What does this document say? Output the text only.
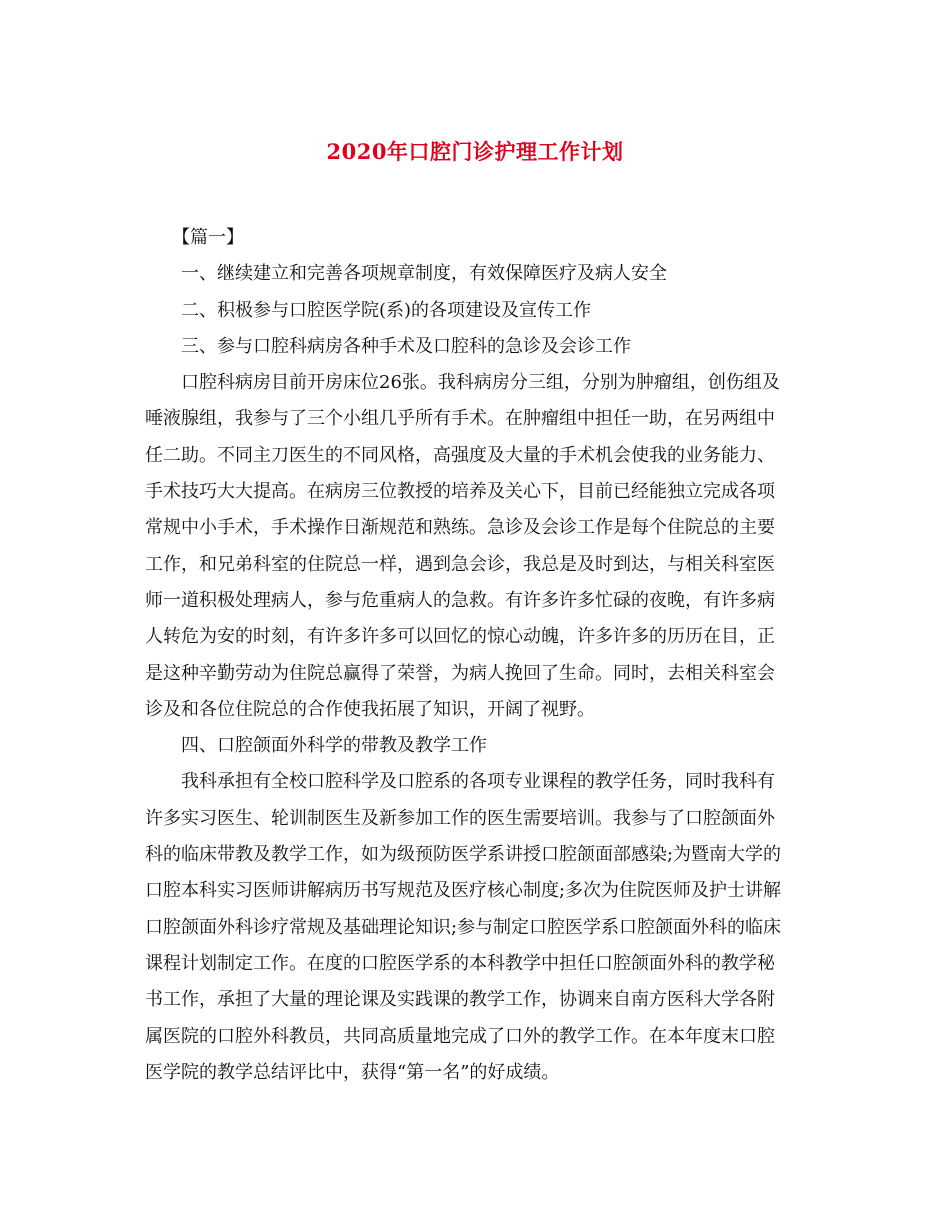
2020年口腔门诊护理工作计划

【篇一】

一、继续建立和完善各项规章制度，有效保障医疗及病人安全

二、积极参与口腔医学院(系)的各项建设及宣传工作

三、参与口腔科病房各种手术及口腔科的急诊及会诊工作

口腔科病房目前开房床位26张。我科病房分三组，分别为肿瘤组，创伤组及
唾液腺组，我参与了三个小组几乎所有手术。在肿瘤组中担任一助，在另两组中
任二助。不同主刀医生的不同风格，高强度及大量的手术机会使我的业务能力、
手术技巧大大提高。在病房三位教授的培养及关心下，目前已经能独立完成各项
常规中小手术，手术操作日渐规范和熟练。急诊及会诊工作是每个住院总的主要
工作，和兄弟科室的住院总一样，遇到急会诊，我总是及时到达，与相关科室医
师一道积极处理病人，参与危重病人的急救。有许多许多忙碌的夜晚，有许多病
人转危为安的时刻，有许多许多可以回忆的惊心动魄，许多许多的历历在目，正
是这种辛勤劳动为住院总赢得了荣誉，为病人挽回了生命。同时，去相关科室会
诊及和各位住院总的合作使我拓展了知识，开阔了视野。

四、口腔颌面外科学的带教及教学工作

我科承担有全校口腔科学及口腔系的各项专业课程的教学任务，同时我科有
许多实习医生、轮训制医生及新参加工作的医生需要培训。我参与了口腔颌面外
科的临床带教及教学工作，如为级预防医学系讲授口腔颌面部感染;为暨南大学的
口腔本科实习医师讲解病历书写规范及医疗核心制度;多次为住院医师及护士讲解
口腔颌面外科诊疗常规及基础理论知识;参与制定口腔医学系口腔颌面外科的临床
课程计划制定工作。在度的口腔医学系的本科教学中担任口腔颌面外科的教学秘
书工作，承担了大量的理论课及实践课的教学工作，协调来自南方医科大学各附
属医院的口腔外科教员，共同高质量地完成了口外的教学工作。在本年度末口腔
医学院的教学总结评比中，获得“第一名”的好成绩。
